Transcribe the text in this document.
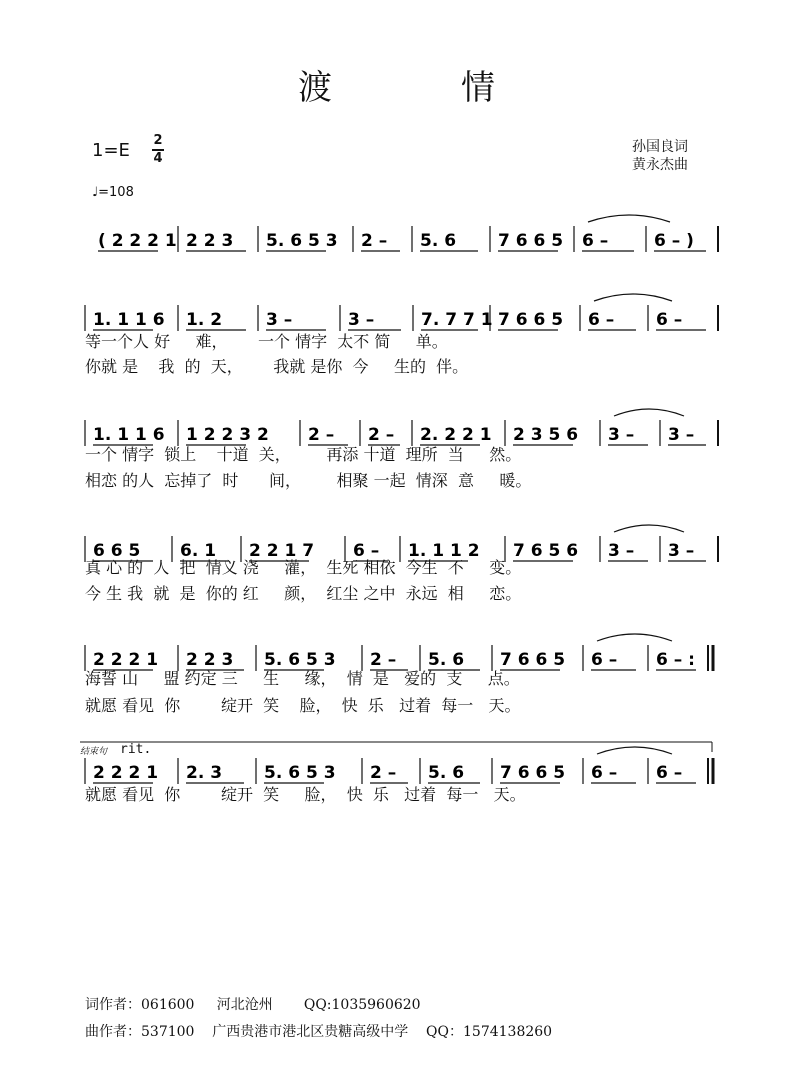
渡	情
1=E 2
4
♩=108
孙国良词
黄永杰曲
( 2 2 2 1 2 2 3 5. 6 5 3 2 – 5. 6 7 6 6 5 6 –	6 – )
1. 1 1 6 1. 2	3 –	3 –	7. 7 7 1 7 6 6 5 6 – 6 –
1. 1 1 6 1 2 2 3 2 2 – 2 – 2. 2 2 1 2 3 5 6 3 – 3 –
6 6 5 6. 1 2 2 1 7 6 – 1. 1 1 2 7 6 5 6 3 – 3 –
2 2 2 1 2 2 3 5. 6 5 3 2 – 5. 6 7 6 6 5 6 – 6 – :
2 2 2 1 2. 3 5. 6 5 3 2 – 5. 6 7 6 6 5 6 – 6 –
等一个人 好     难，      一个 情字  太不 简     单。
你就 是    我  的  天，      我就 是你  今     生的  伴。
一个 情字  锁上    十道  关，       再添 十道  理所  当     然。
相恋 的人  忘掉了  时      间，       相聚 一起  情深  意     暖。
真 心 的  人  把  情义 浇     灌，  生死 相依  今生  不     变。
今 生 我  就  是  你的 红     颜，  红尘 之中  永远  相     恋。
海誓 山     盟 约定 三     生     缘，  情  是   爱的  支     点。
就愿 看见  你        绽开  笑    脸，  快  乐   过着  每一   天。
就愿 看见  你        绽开  笑     脸，  快  乐   过着  每一   天。
结束句 rit.
词作者：061600     河北沧州       QQ:1035960620
曲作者：537100    广西贵港市港北区贵糖高级中学    QQ：1574138260
